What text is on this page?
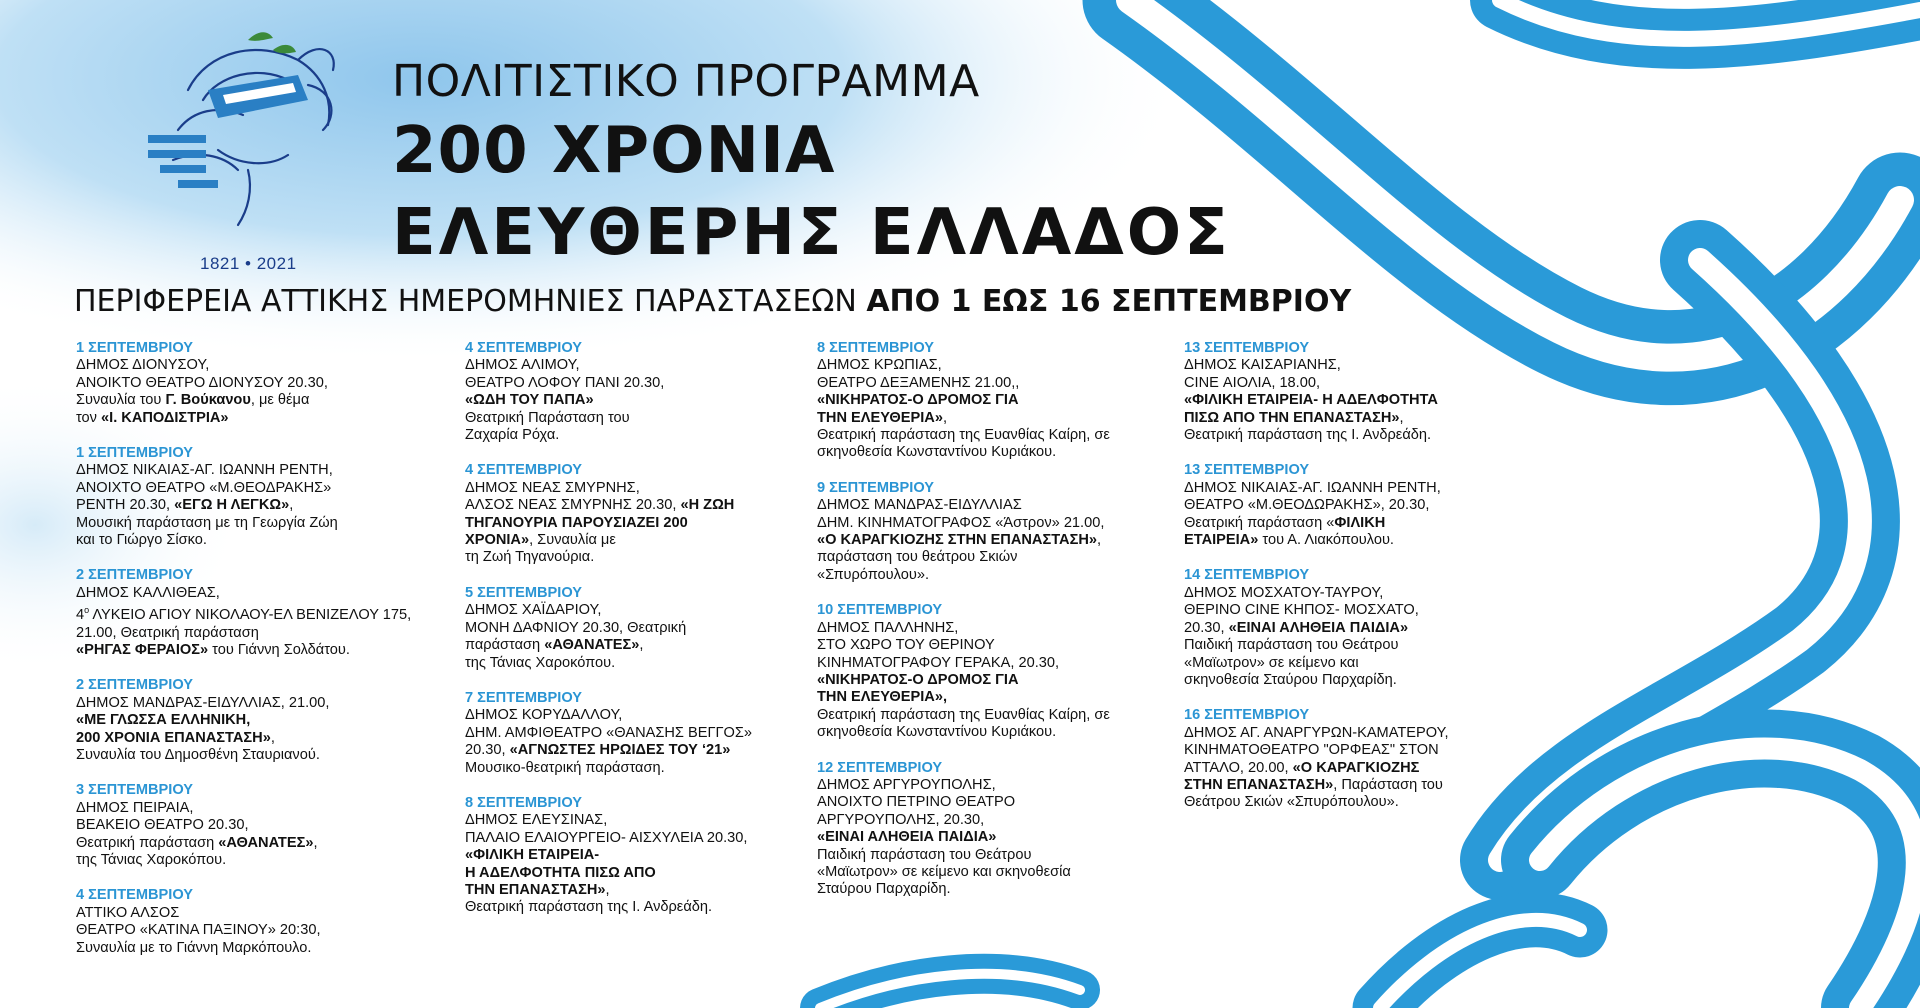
1821 • 2021
ΠΟΛΙΤΙΣΤΙΚΟ ΠΡΟΓΡΑΜΜΑ
200 ΧΡΟΝΙΑ
ΕΛΕΥΘΕΡΗΣ ΕΛΛΑΔΟΣ
ΠΕΡΙΦΕΡΕΙΑ ΑΤΤΙΚΗΣ ΗΜΕΡΟΜΗΝΙΕΣ ΠΑΡΑΣΤΑΣΕΩΝ ΑΠΟ 1 ΕΩΣ 16 ΣΕΠΤΕΜΒΡΙΟΥ
1 ΣΕΠΤΕΜΒΡΙΟΥ
ΔΗΜΟΣ ΔΙΟΝΥΣΟΥ,
ΑΝΟΙΚΤΟ ΘΕΑΤΡΟ ΔΙΟΝΥΣΟΥ 20.30,
Συναυλία του Γ. Βούκανου, με θέμα
τον «Ι. ΚΑΠΟΔΙΣΤΡΙΑ»
1 ΣΕΠΤΕΜΒΡΙΟΥ
ΔΗΜΟΣ ΝΙΚΑΙΑΣ-ΑΓ. ΙΩΑΝΝΗ ΡΕΝΤΗ,
ΑΝΟΙΧΤΟ ΘΕΑΤΡΟ «Μ.ΘΕΟΔΡΑΚΗΣ»
ΡΕΝΤΗ 20.30, «ΕΓΩ Η ΛΕΓΚΩ»,
Μουσική παράσταση με τη Γεωργία Ζώη
και το Γιώργο Σίσκο.
2 ΣΕΠΤΕΜΒΡΙΟΥ
ΔΗΜΟΣ ΚΑΛΛΙΘΕΑΣ,
$4^o$ ΛΥΚΕΙΟ ΑΓΙΟΥ ΝΙΚΟΛΑΟΥ-ΕΛ ΒΕΝΙΖΕΛΟΥ 175,
21.00, Θεατρική παράσταση
«ΡΗΓΑΣ ΦΕΡΑΙΟΣ» του Γιάννη Σολδάτου.
2 ΣΕΠΤΕΜΒΡΙΟΥ
ΔΗΜΟΣ ΜΑΝΔΡΑΣ-ΕΙΔΥΛΛΙΑΣ, 21.00,
«ΜΕ ΓΛΩΣΣΑ ΕΛΛΗΝΙΚΗ,
200 ΧΡΟΝΙΑ ΕΠΑΝΑΣΤΑΣΗ»,
Συναυλία του Δημοσθένη Σταυριανού.
3 ΣΕΠΤΕΜΒΡΙΟΥ
ΔΗΜΟΣ ΠΕΙΡΑΙΑ,
ΒΕΑΚΕΙΟ ΘΕΑΤΡΟ 20.30,
Θεατρική παράσταση «ΑΘΑΝΑΤΕΣ»,
της Τάνιας Χαροκόπου.
4 ΣΕΠΤΕΜΒΡΙΟΥ
ΑΤΤΙΚΟ ΑΛΣΟΣ
ΘΕΑΤΡΟ «ΚΑΤΙΝΑ ΠΑΞΙΝΟΥ» 20:30,
Συναυλία με το Γιάννη Μαρκόπουλο.
4 ΣΕΠΤΕΜΒΡΙΟΥ
ΔΗΜΟΣ ΑΛΙΜΟΥ,
ΘΕΑΤΡΟ ΛΟΦΟΥ ΠΑΝΙ 20.30,
«ΩΔΗ ΤΟΥ ΠΑΠΑ»
Θεατρική Παράσταση του
Ζαχαρία Ρόχα.
4 ΣΕΠΤΕΜΒΡΙΟΥ
ΔΗΜΟΣ ΝΕΑΣ ΣΜΥΡΝΗΣ,
ΑΛΣΟΣ ΝΕΑΣ ΣΜΥΡΝΗΣ 20.30, «Η ΖΩΗ
ΤΗΓΑΝΟΥΡΙΑ ΠΑΡΟΥΣΙΑΖΕΙ 200
ΧΡΟΝΙΑ», Συναυλία με
τη Ζωή Τηγανούρια.
5 ΣΕΠΤΕΜΒΡΙΟΥ
ΔΗΜΟΣ ΧΑΪΔΑΡΙΟΥ,
ΜΟΝΗ ΔΑΦΝΙΟΥ 20.30, Θεατρική
παράσταση «ΑΘΑΝΑΤΕΣ»,
της Τάνιας Χαροκόπου.
7 ΣΕΠΤΕΜΒΡΙΟΥ
ΔΗΜΟΣ ΚΟΡΥΔΑΛΛΟΥ,
ΔΗΜ. ΑΜΦΙΘΕΑΤΡΟ «ΘΑΝΑΣΗΣ ΒΕΓΓΟΣ»
20.30, «ΑΓΝΩΣΤΕΣ ΗΡΩΙΔΕΣ ΤΟΥ ‘21»
Μουσικο-θεατρική παράσταση.
8 ΣΕΠΤΕΜΒΡΙΟΥ
ΔΗΜΟΣ ΕΛΕΥΣΙΝΑΣ,
ΠΑΛΑΙΟ ΕΛΑΙΟΥΡΓΕΙΟ- ΑΙΣΧΥΛΕΙΑ 20.30,
«ΦΙΛΙΚΗ ΕΤΑΙΡΕΙΑ-
Η ΑΔΕΛΦΟΤΗΤΑ ΠΙΣΩ ΑΠΟ
ΤΗΝ ΕΠΑΝΑΣΤΑΣΗ»,
Θεατρική παράσταση της Ι. Ανδρεάδη.
8 ΣΕΠΤΕΜΒΡΙΟΥ
ΔΗΜΟΣ ΚΡΩΠΙΑΣ,
ΘΕΑΤΡΟ ΔΕΞΑΜΕΝΗΣ 21.00,,
«ΝΙΚΗΡΑΤΟΣ-Ο ΔΡΟΜΟΣ ΓΙΑ
ΤΗΝ ΕΛΕΥΘΕΡΙΑ»,
Θεατρική παράσταση της Ευανθίας Καίρη, σε
σκηνοθεσία Κωνσταντίνου Κυριάκου.
9 ΣΕΠΤΕΜΒΡΙΟΥ
ΔΗΜΟΣ ΜΑΝΔΡΑΣ-ΕΙΔΥΛΛΙΑΣ
ΔΗΜ. ΚΙΝΗΜΑΤΟΓΡΑΦΟΣ «Άστρον» 21.00,
«Ο ΚΑΡΑΓΚΙΟΖΗΣ ΣΤΗΝ ΕΠΑΝΑΣΤΑΣΗ»,
παράσταση του θεάτρου Σκιών
«Σπυρόπουλου».
10 ΣΕΠΤΕΜΒΡΙΟΥ
ΔΗΜΟΣ ΠΑΛΛΗΝΗΣ,
ΣΤΟ ΧΩΡΟ ΤΟΥ ΘΕΡΙΝΟΥ
ΚΙΝΗΜΑΤΟΓΡΑΦΟΥ ΓΕΡΑΚΑ, 20.30,
«ΝΙΚΗΡΑΤΟΣ-Ο ΔΡΟΜΟΣ ΓΙΑ
ΤΗΝ ΕΛΕΥΘΕΡΙΑ»,
Θεατρική παράσταση της Ευανθίας Καίρη, σε
σκηνοθεσία Κωνσταντίνου Κυριάκου.
12 ΣΕΠΤΕΜΒΡΙΟΥ
ΔΗΜΟΣ ΑΡΓΥΡΟΥΠΟΛΗΣ,
ΑΝΟΙΧΤΟ ΠΕΤΡΙΝΟ ΘΕΑΤΡΟ
ΑΡΓΥΡΟΥΠΟΛΗΣ, 20.30,
«ΕΙΝΑΙ ΑΛΗΘΕΙΑ ΠΑΙΔΙΑ»
Παιδική παράσταση του Θεάτρου
«Μαϊωτρον» σε κείμενο και σκηνοθεσία
Σταύρου Παρχαρίδη.
13 ΣΕΠΤΕΜΒΡΙΟΥ
ΔΗΜΟΣ ΚΑΙΣΑΡΙΑΝΗΣ,
CINE ΑΙΟΛΙΑ, 18.00,
«ΦΙΛΙΚΗ ΕΤΑΙΡΕΙΑ- Η ΑΔΕΛΦΟΤΗΤΑ
ΠΙΣΩ ΑΠΟ ΤΗΝ ΕΠΑΝΑΣΤΑΣΗ»,
Θεατρική παράσταση της Ι. Ανδρεάδη.
13 ΣΕΠΤΕΜΒΡΙΟΥ
ΔΗΜΟΣ ΝΙΚΑΙΑΣ-ΑΓ. ΙΩΑΝΝΗ ΡΕΝΤΗ,
ΘΕΑΤΡΟ «Μ.ΘΕΟΔΩΡΑΚΗΣ», 20.30,
Θεατρική παράσταση «ΦΙΛΙΚΗ
ΕΤΑΙΡΕΙΑ» του Α. Λιακόπουλου.
14 ΣΕΠΤΕΜΒΡΙΟΥ
ΔΗΜΟΣ ΜΟΣΧΑΤΟΥ-ΤΑΥΡΟΥ,
ΘΕΡΙΝΟ CINE ΚΗΠΟΣ- ΜΟΣΧΑΤΟ,
20.30, «ΕΙΝΑΙ ΑΛΗΘΕΙΑ ΠΑΙΔΙΑ»
Παιδική παράσταση του Θεάτρου
«Μαϊωτρον» σε κείμενο και
σκηνοθεσία Σταύρου Παρχαρίδη.
16 ΣΕΠΤΕΜΒΡΙΟΥ
ΔΗΜΟΣ ΑΓ. ΑΝΑΡΓΥΡΩΝ-ΚΑΜΑΤΕΡΟΥ,
ΚΙΝΗΜΑΤΟΘΕΑΤΡΟ "ΟΡΦΕΑΣ" ΣΤΟΝ
ΑΤΤΑΛΟ, 20.00, «Ο ΚΑΡΑΓΚΙΟΖΗΣ
ΣΤΗΝ ΕΠΑΝΑΣΤΑΣΗ», Παράσταση του
Θεάτρου Σκιών «Σπυρόπουλου».
